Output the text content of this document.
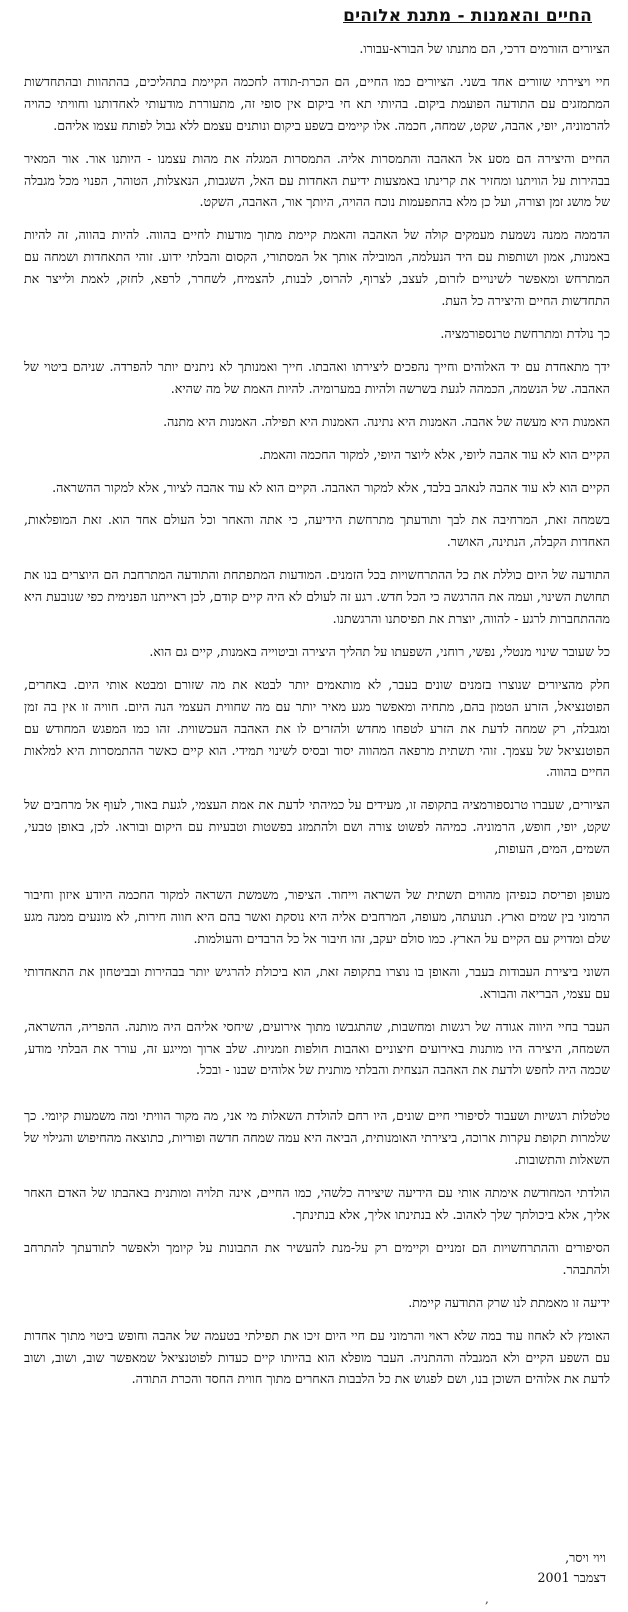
החיים והאמנות - מתנת אלוהים

הציורים הזורמים דרכי, הם מתנתו של הבורא-עבורו.

חיי ויצירתי שזורים אחד בשני. הציורים כמו החיים, הם הכרת-תודה לחכמה הקיימת בתהליכים, בהתהוות ובהתחדשות המתמזגים עם התודעה הפועמת ביקום. בהיותי תא חי ביקום אין סופי זה, מתעוררת מודעותי לאחדותנו וחוויתי כהויה להרמוניה, יופי, אהבה, שקט, שמחה, חכמה. אלו קיימים בשפע ביקום ונותנים עצמם ללא גבול לפותח עצמו אליהם.

החיים והיצירה הם מסע אל האהבה והתמסרות אליה. התמסרות המגלה את מהות עצמנו - היותנו אור. אור המאיר בבהירות על הוויתנו ומחזיר את קרינתו באמצעות ידיעת האחדות עם האל, השגבות, הנאצלות, הטוהר, הפנוי מכל מגבלה של מושג זמן וצורה, ועל כן מלא בהתפעמות נוכח ההויה, היותך אור, האהבה, השקט.

הדממה ממנה נשמעת מעמקים קולה של האהבה והאמת קיימת מתוך מודעות לחיים בהווה. להיות בהווה, זה להיות באמנות, אמון ושותפות עם היד הנעלמה, המובילה אותך אל המסתורי, הקסום והבלתי ידוע. זוהי התאחדות ושמחה עם המתרחש ומאפשר לשינויים לזרום, לעצב, לצרוף, להרוס, לבנות, להצמיח, לשחרר, לרפא, לחזק, לאמת ולייצר את התחדשות החיים והיצירה כל העת.

כך נולדת ומתרחשת טרנספורמציה.

ידך מתאחדת עם יד האלוהים וחייך נהפכים ליצירתו ואהבתו. חייך ואמנותך לא ניתנים יותר להפרדה. שניהם ביטוי של האהבה. של הנשמה, הכמהה לגעת בשרשה ולהיות במערומיה. להיות האמת של מה שהיא.

האמנות היא מעשה של אהבה. האמנות היא נתינה. האמנות היא תפילה. האמנות היא מתנה.

הקיים הוא לא עוד אהבה ליופי, אלא ליוצר היופי, למקור החכמה והאמת.

הקיים הוא לא עוד אהבה לנאהב בלבד, אלא למקור האהבה. הקיים הוא לא עוד אהבה לציור, אלא למקור ההשראה.

בשמחה זאת, המרחיבה את לבך ותודעתך מתרחשת הידיעה, כי אתה והאחר וכל העולם אחד הוא. זאת המופלאות, האחדות הקבלה, הנתינה, האושר.

התודעה של היום כוללת את כל ההתרחשויות בכל הזמנים. המודעות המתפתחת והתודעה המתרחבת הם היוצרים בנו את תחושת השינוי, ועמה את ההרגשה כי הכל חדש. רגע זה לעולם לא היה קיים קודם, לכן ראייתנו הפנימית כפי שנובעת היא מההתחברות לרגע - להווה, יוצרת את תפיסתנו והרגשתנו.

כל שעובר שינוי מנטלי, נפשי, רוחני, השפעתו על תהליך היצירה וביטוייה באמנות, קיים גם הוא.

חלק מהציורים שנוצרו בזמנים שונים בעבר, לא מותאמים יותר לבטא את מה שזורם ומבטא אותי היום. באחרים, הפוטנציאל, הזרע הטמון בהם, מתחיה ומאפשר מגע מאיר יותר עם מה שחווית העצמי הנה היום. חוויה זו אין בה זמן ומגבלה, רק שמחה לדעת את הזרע לטפחו מחדש ולהזרים לו את האהבה העכשווית. זהו כמו המפגש המחודש עם הפוטנציאל של עצמך. זוהי תשתית מרפאה המהווה יסוד ובסיס לשינוי תמידי. הוא קיים כאשר ההתמסרות היא למלאות החיים בהווה.

הציורים, שעברו טרנספורמציה בתקופה זו, מעידים על כמיהתי לדעת את אמת העצמי, לגעת באור, לעוף אל מרחבים של שקט, יופי, חופש, הרמוניה. כמיהה לפשוט צורה ושם ולהתמזג בפשטות וטבעיות עם היקום ובוראו. לכן, באופן טבעי, השמים, המים, העופות,

מעופן ופריסת כנפיהן מהווים תשתית של השראה וייחוד. הציפור, משמשת השראה למקור החכמה היודע איזון וחיבור הרמוני בין שמים וארץ. תנועתה, מעופה, המרחבים אליה היא נוסקת ואשר בהם היא חווה חירות, לא מונעים ממנה מגע שלם ומדויק עם הקיים על הארץ. כמו סולם יעקב, זהו חיבור אל כל הרבדים והעולמות.

השוני ביצירת העבודות בעבר, והאופן בו נוצרו בתקופה זאת, הוא ביכולת להרגיש יותר בבהירות ובביטחון את התאחדותי עם עצמי, הבריאה והבורא.

העבר בחיי היווה אגודה של רגשות ומחשבות, שהתגבשו מתוך אירועים, שיחסי אליהם היה מותנה. ההפריה, ההשראה, השמחה, היצירה היו מותנות באירועים חיצוניים ואהבות חולפות וזמניות. שלב ארוך ומייגע זה, עורר את הבלתי מודע, שכמה היה לחפש ולדעת את האהבה הנצחית והבלתי מותנית של אלוהים שבנו - ובכל.

טלטלות רגשיות ושעבוד לסיפורי חיים שונים, היו רחם להולדת השאלות מי אני, מה מקור הוויתי ומה משמעות קיומי. כך שלמרות תקופת עקרות ארוכה, ביצירתי האומנותית, הביאה היא עמה שמחה חדשה ופוריות, כתוצאה מהחיפוש והגילוי של השאלות והתשובות.

הולדתי המחודשת אימתה אותי עם הידיעה שיצירה כלשהי, כמו החיים, אינה תלויה ומותנית באהבתו של האדם האחר אליך, אלא ביכולתך שלך לאהוב. לא בנתינתו אליך, אלא בנתינתך.

הסיפורים וההתרחשויות הם זמניים וקיימים רק על-מנת להעשיר את התבונות על קיומך ולאפשר לתודעתך להתרחב ולהתבהר.

ידיעה זו מאמתת לנו שרק התודעה קיימת.

האומץ לא לאחוז עוד במה שלא ראוי והרמוני עם חיי היום זיכו את תפילתי בטעמה של אהבה וחופש ביטוי מתוך אחדות עם השפע הקיים ולא המגבלה וההתניה. העבר מופלא הוא בהיותו קיים כעדות לפוטנציאל שמאפשר שוב, ושוב, ושוב לדעת את אלוהים השוכן בנו, ושם לפגוש את כל הלבבות האחרים מתוך חווית החסד והכרת התודה.

ויוי ויסר,
דצמבר 2001
,
